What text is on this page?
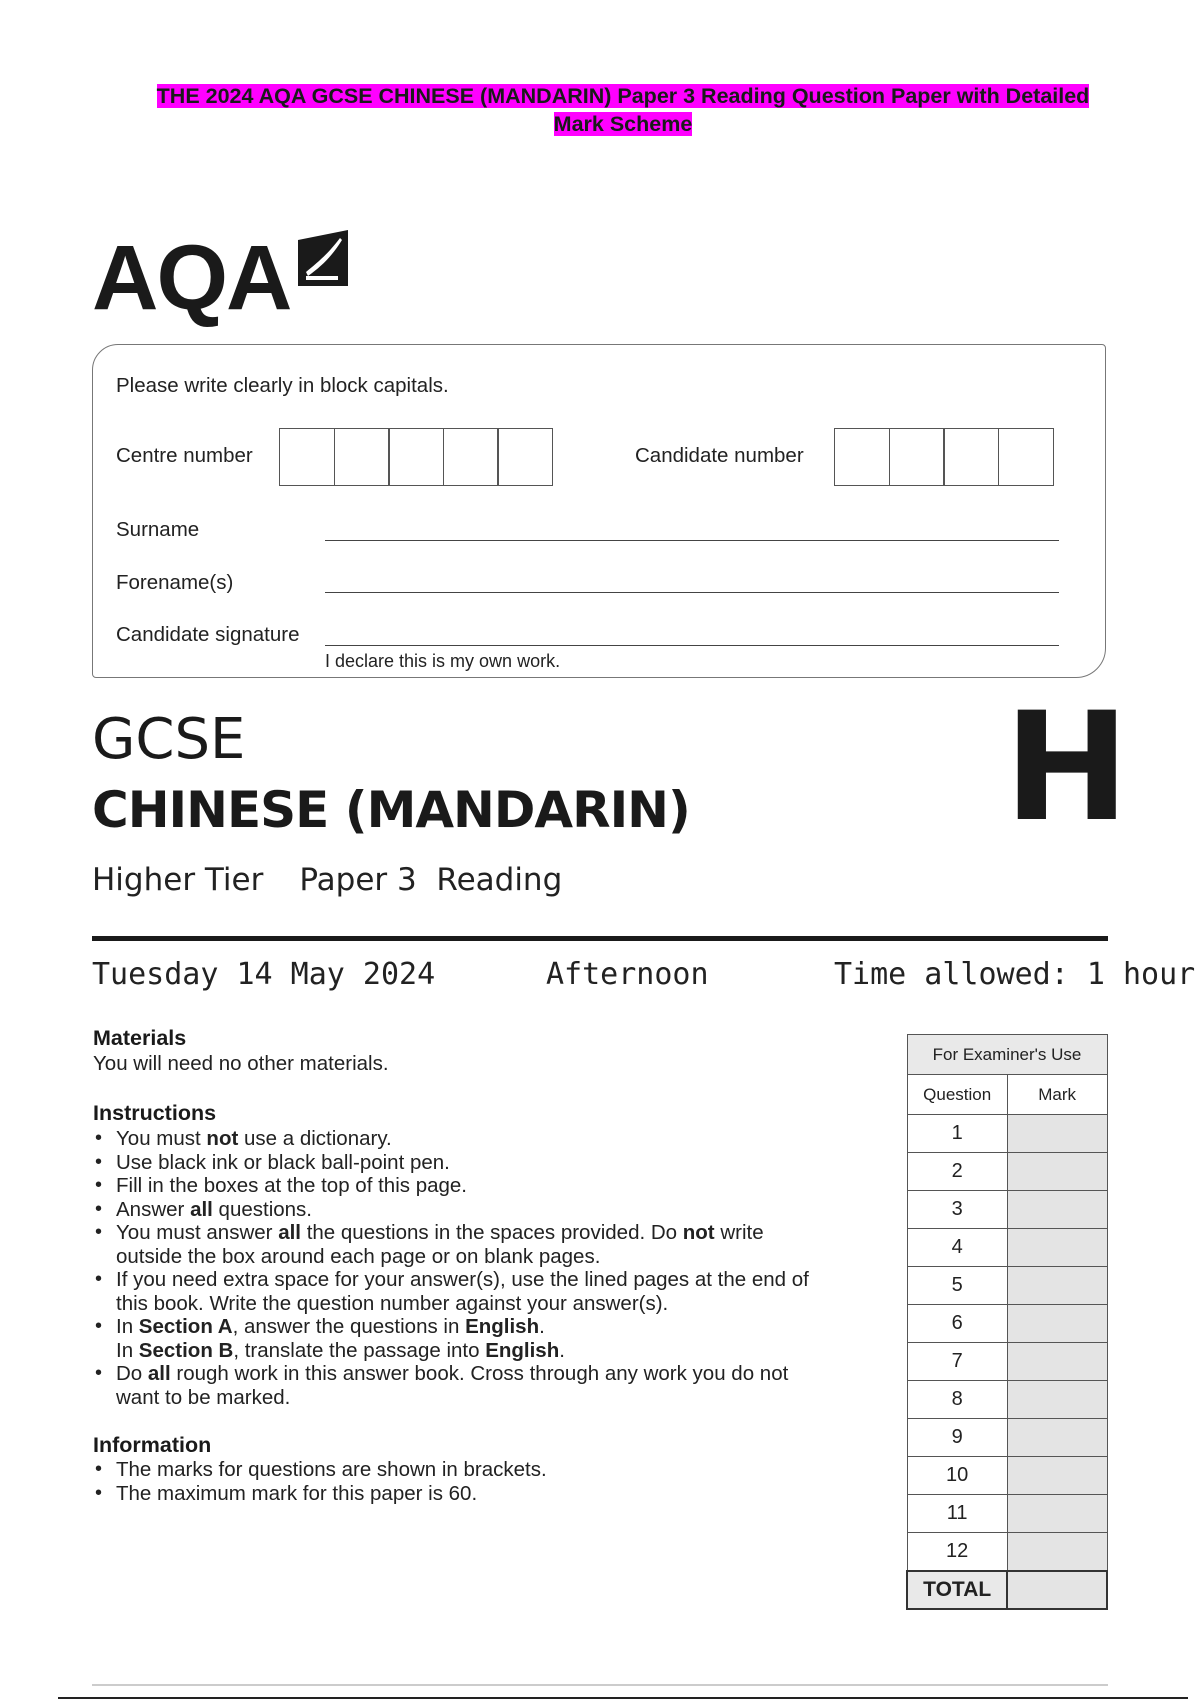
THE 2024 AQA GCSE CHINESE (MANDARIN) Paper 3 Reading Question Paper with Detailed
Mark Scheme
AQA
Please write clearly in block capitals.
Centre number	Candidate number
Surname
Forename(s)
Candidate signature
I declare this is my own work.
GCSE
CHINESE (MANDARIN)
Higher Tier Paper 3  Reading
H
Tuesday 14 May 2024	Afternoon	Time allowed: 1 hour
Materials
You will need no other materials.
Instructions
• You must not use a dictionary.
• Use black ink or black ball-point pen.
• Fill in the boxes at the top of this page.
• Answer all questions.
• You must answer all the questions in the spaces provided. Do not write
outside the box around each page or on blank pages.
• If you need extra space for your answer(s), use the lined pages at the end of
this book. Write the question number against your answer(s).
• In Section A, answer the questions in English.
In Section B, translate the passage into English.
• Do all rough work in this answer book. Cross through any work you do not
want to be marked.
Information
• The marks for questions are shown in brackets.
• The maximum mark for this paper is 60.
For Examiner's Use	
Question	Mark
1	
2	
3	
4	
5	
6	
7	
8	
9	
10	
11	
12	
TOTAL	
